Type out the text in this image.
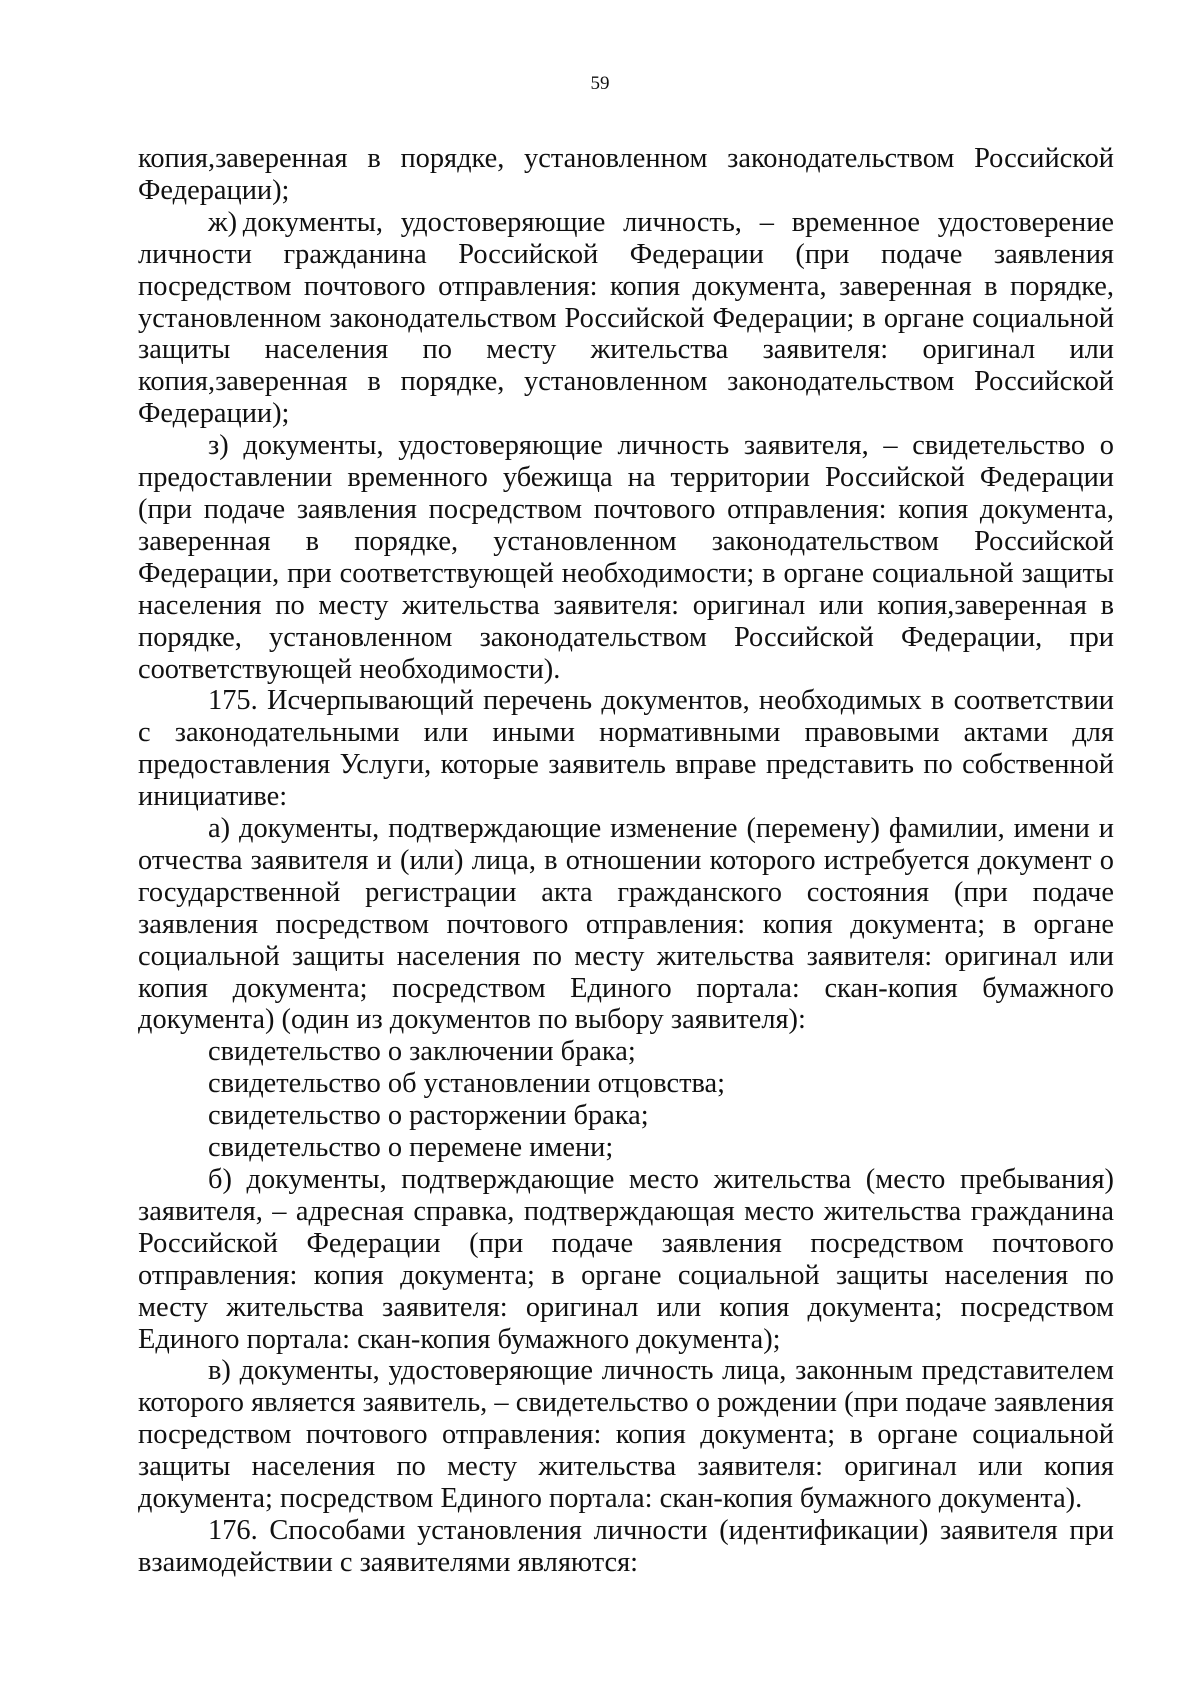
59

копия,заверенная в порядке, установленном законодательством Российской Федерации);

ж) документы, удостоверяющие личность, – временное удостоверение личности гражданина Российской Федерации (при подаче заявления посредством почтового отправления: копия документа, заверенная в порядке, установленном законодательством Российской Федерации; в органе социальной защиты населения по месту жительства заявителя: оригинал или копия,заверенная в порядке, установленном законодательством Российской Федерации);

з) документы, удостоверяющие личность заявителя, – свидетельство о предоставлении временного убежища на территории Российской Федерации (при подаче заявления посредством почтового отправления: копия документа, заверенная в порядке, установленном законодательством Российской Федерации, при соответствующей необходимости; в органе социальной защиты населения по месту жительства заявителя: оригинал или копия,заверенная в порядке, установленном законодательством Российской Федерации, при соответствующей необходимости).

175. Исчерпывающий перечень документов, необходимых в соответствии с законодательными или иными нормативными правовыми актами для предоставления Услуги, которые заявитель вправе представить по собственной инициативе:

а) документы, подтверждающие изменение (перемену) фамилии, имени и отчества заявителя и (или) лица, в отношении которого истребуется документ о государственной регистрации акта гражданского состояния (при подаче заявления посредством почтового отправления: копия документа; в органе социальной защиты населения по месту жительства заявителя: оригинал или копия документа; посредством Единого портала: скан-копия бумажного документа) (один из документов по выбору заявителя):

свидетельство о заключении брака;

свидетельство об установлении отцовства;

свидетельство о расторжении брака;

свидетельство о перемене имени;

б) документы, подтверждающие место жительства (место пребывания) заявителя, – адресная справка, подтверждающая место жительства гражданина Российской Федерации (при подаче заявления посредством почтового отправления: копия документа; в органе социальной защиты населения по месту жительства заявителя: оригинал или копия документа; посредством Единого портала: скан-копия бумажного документа);

в) документы, удостоверяющие личность лица, законным представителем которого является заявитель, – свидетельство о рождении (при подаче заявления посредством почтового отправления: копия документа; в органе социальной защиты населения по месту жительства заявителя: оригинал или копия документа; посредством Единого портала: скан-копия бумажного документа).

176. Способами установления личности (идентификации) заявителя при взаимодействии с заявителями являются:
